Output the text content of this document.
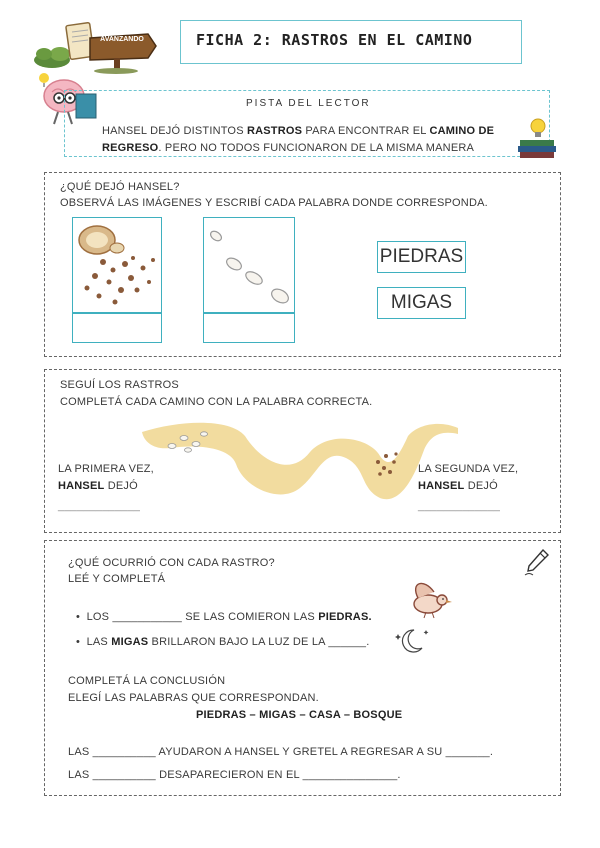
PARA SEGUIR
AVANZANDO	FICHA 2: RASTROS EN EL CAMINO
PISTA DEL LECTOR
HANSEL DEJÓ DISTINTOS RASTROS PARA ENCONTRAR EL CAMINO DE
REGRESO. PERO NO TODOS FUNCIONARON DE LA MISMA MANERA
¿QUÉ DEJÓ HANSEL?
OBSERVÁ LAS IMÁGENES Y ESCRIBÍ CADA PALABRA DONDE CORRESPONDA.
PIEDRAS
MIGAS
SEGUÍ LOS RASTROS
COMPLETÁ CADA CAMINO CON LA PALABRA CORRECTA.
LA PRIMERA VEZ,
HANSEL DEJÓ
_____________
LA SEGUNDA VEZ,
HANSEL DEJÓ
_____________
¿QUÉ OCURRIÓ CON CADA RASTRO?
LEÉ Y COMPLETÁ
• LOS ___________ SE LAS COMIERON LAS PIEDRAS.
• LAS MIGAS BRILLARON BAJO LA LUZ DE LA ______.
COMPLETÁ LA CONCLUSIÓN
ELEGÍ LAS PALABRAS QUE CORRESPONDAN.
PIEDRAS – MIGAS – CASA – BOSQUE
LAS __________ AYUDARON A HANSEL Y GRETEL A REGRESAR A SU _______.
LAS __________ DESAPARECIERON EN EL _______________.
